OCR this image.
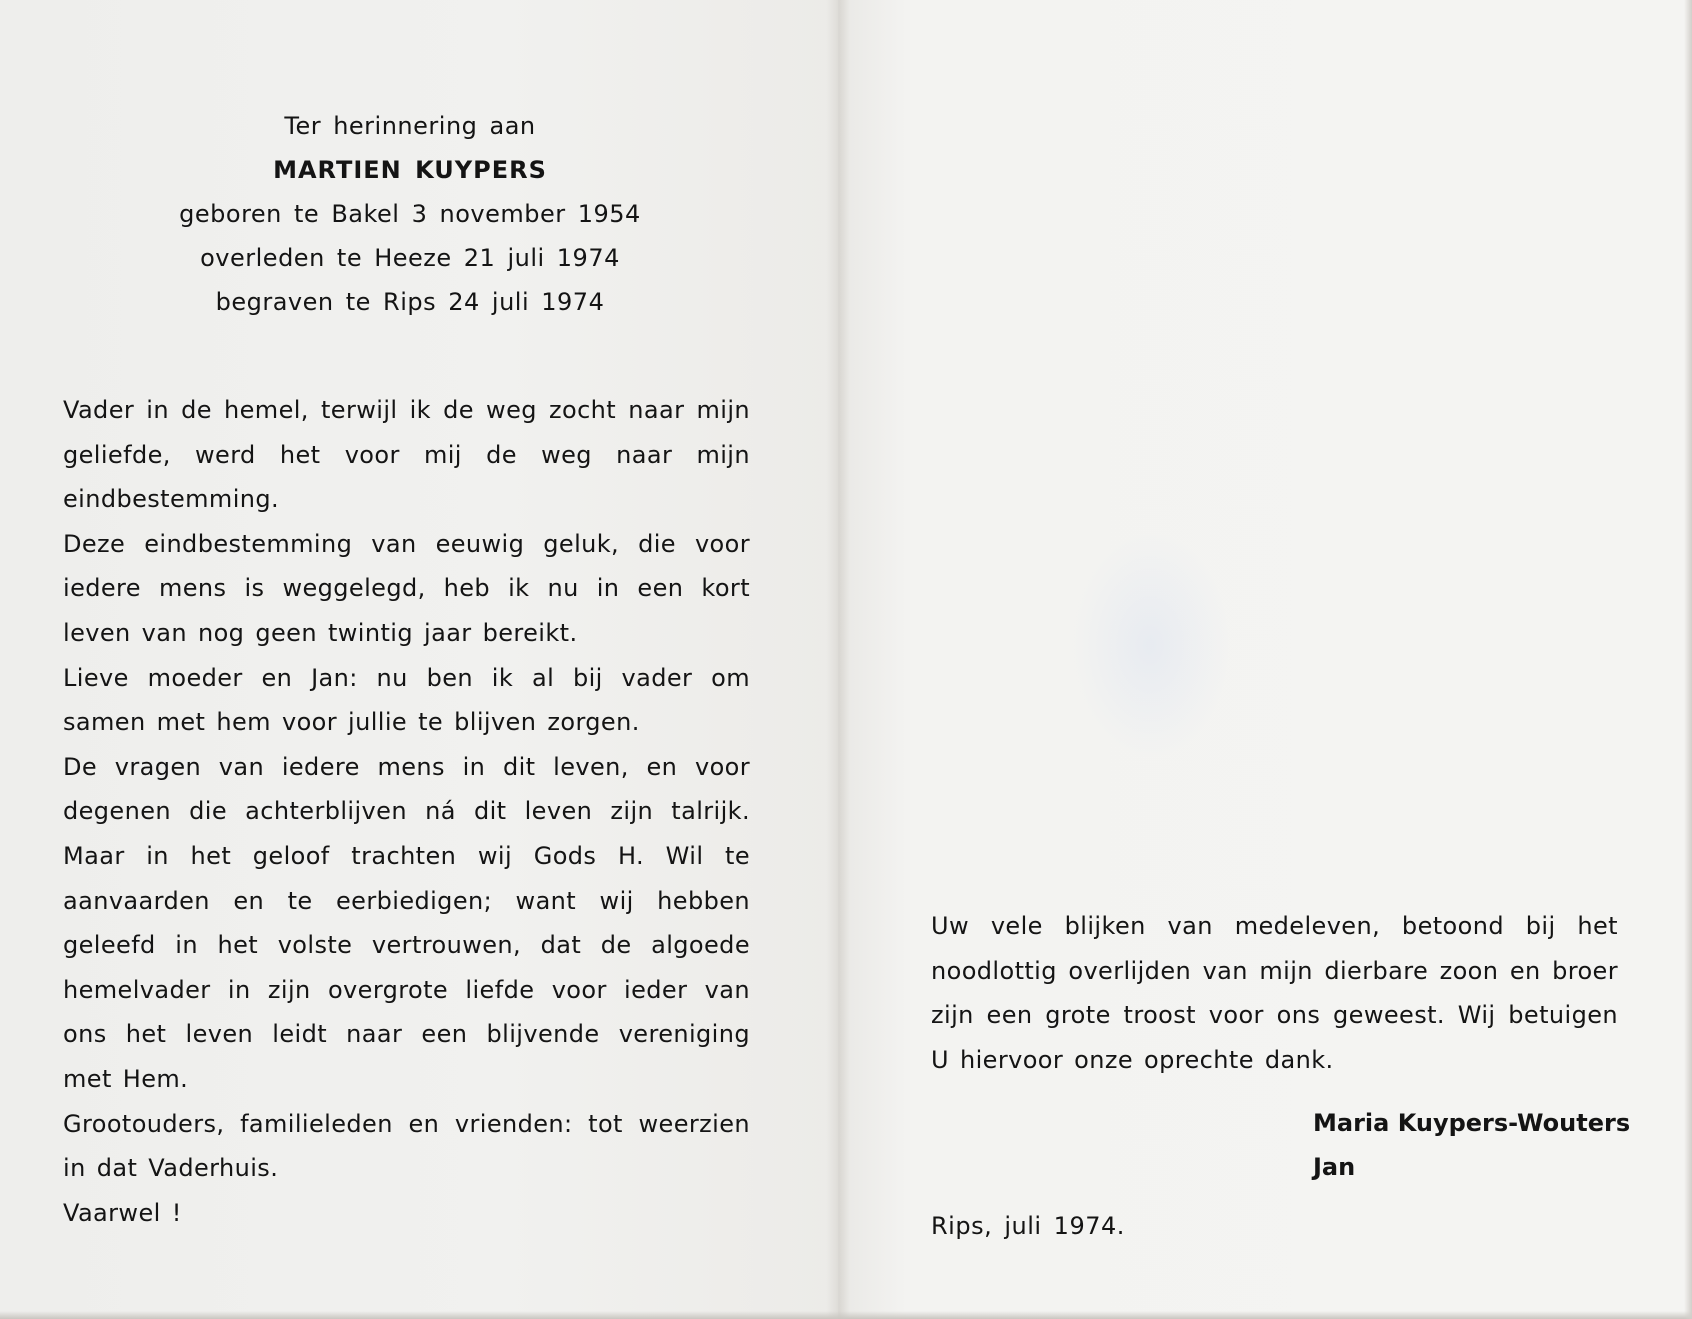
Ter herinnering aan
MARTIEN KUYPERS
geboren te Bakel 3 november 1954
overleden te Heeze 21 juli 1974
begraven te Rips 24 juli 1974

Vader in de hemel, terwijl ik de weg zocht naar mijn geliefde, werd het voor mij de weg naar mijn eindbestemming.

Deze eindbestemming van eeuwig geluk, die voor iedere mens is weggelegd, heb ik nu in een kort leven van nog geen twintig jaar bereikt.

Lieve moeder en Jan: nu ben ik al bij vader om samen met hem voor jullie te blijven zorgen.

De vragen van iedere mens in dit leven, en voor degenen die achterblijven ná dit leven zijn talrijk. Maar in het geloof trachten wij Gods H. Wil te aanvaarden en te eerbiedigen; want wij hebben geleefd in het volste vertrouwen, dat de algoede hemelvader in zijn overgrote liefde voor ieder van ons het leven leidt naar een blijvende vereniging met Hem.

Grootouders, familieleden en vrienden: tot weerzien in dat Vaderhuis.

Vaarwel !

Uw vele blijken van medeleven, betoond bij het noodlottig overlijden van mijn dierbare zoon en broer zijn een grote troost voor ons geweest. Wij betuigen U hiervoor onze oprechte dank.

Maria Kuypers-Wouters
Jan
Rips, juli 1974.
